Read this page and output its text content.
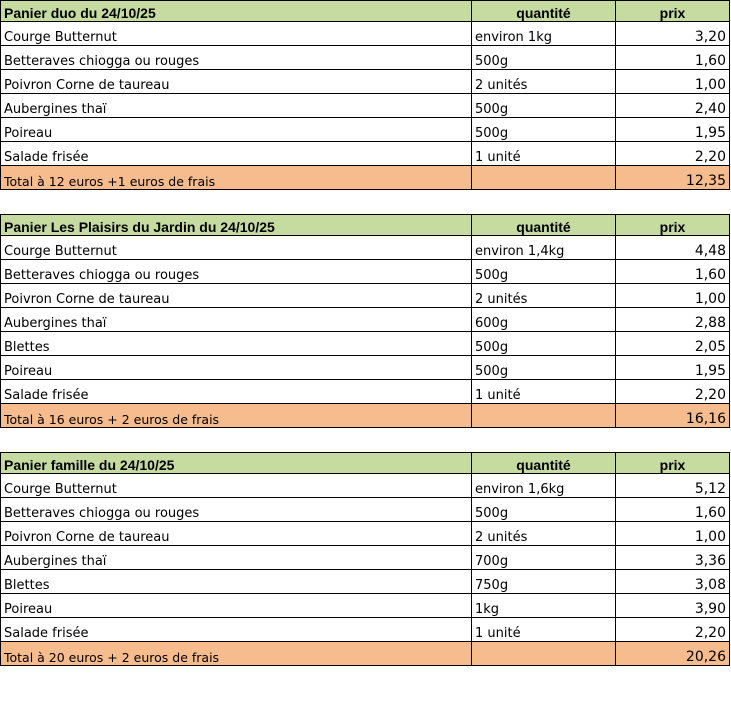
Panier duo du 24/10/25	quantité	prix
Courge Butternut	environ 1kg	3,20
Betteraves chiogga ou rouges	500g	1,60
Poivron Corne de taureau	2 unités	1,00
Aubergines thaï	500g	2,40
Poireau	500g	1,95
Salade frisée	1 unité	2,20
Total à 12 euros +1 euros de frais		12,35

Panier Les Plaisirs du Jardin du 24/10/25	quantité	prix
Courge Butternut	environ 1,4kg	4,48
Betteraves chiogga ou rouges	500g	1,60
Poivron Corne de taureau	2 unités	1,00
Aubergines thaï	600g	2,88
Blettes	500g	2,05
Poireau	500g	1,95
Salade frisée	1 unité	2,20
Total à 16 euros + 2 euros de frais		16,16

Panier famille du 24/10/25	quantité	prix
Courge Butternut	environ 1,6kg	5,12
Betteraves chiogga ou rouges	500g	1,60
Poivron Corne de taureau	2 unités	1,00
Aubergines thaï	700g	3,36
Blettes	750g	3,08
Poireau	1kg	3,90
Salade frisée	1 unité	2,20
Total à 20 euros + 2 euros de frais		20,26
